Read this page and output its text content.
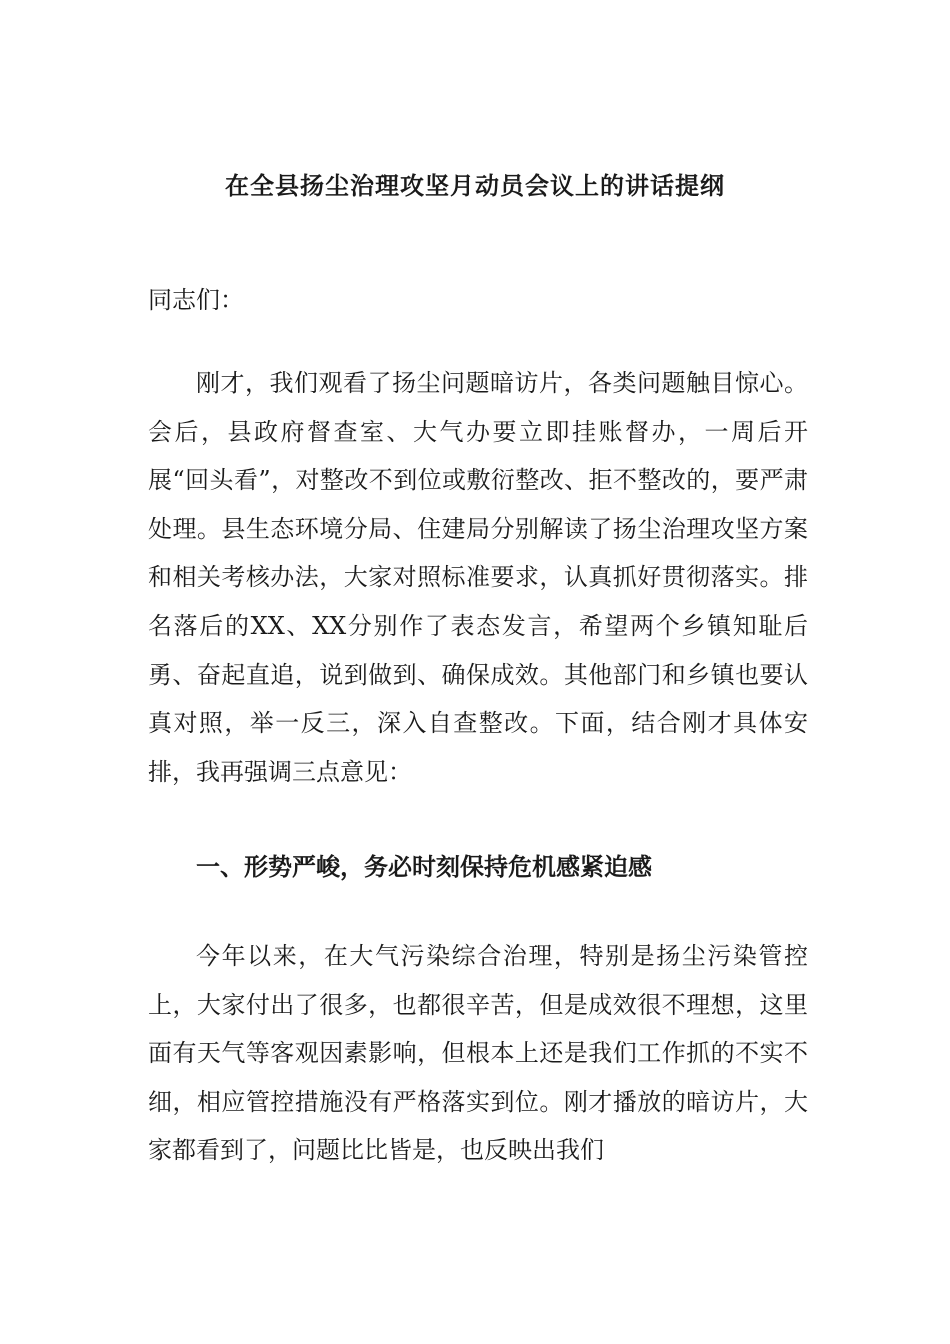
在全县扬尘治理攻坚月动员会议上的讲话提纲

同志们：

刚才，我们观看了扬尘问题暗访片，各类问题触目惊心。会后，县政府督查室、大气办要立即挂账督办，一周后开展“回头看”，对整改不到位或敷衍整改、拒不整改的，要严肃处理。县生态环境分局、住建局分别解读了扬尘治理攻坚方案和相关考核办法，大家对照标准要求，认真抓好贯彻落实。排名落后的XX、XX分别作了表态发言，希望两个乡镇知耻后勇、奋起直追，说到做到、确保成效。其他部门和乡镇也要认真对照，举一反三，深入自查整改。下面，结合刚才具体安排，我再强调三点意见：

一、形势严峻，务必时刻保持危机感紧迫感

今年以来，在大气污染综合治理，特别是扬尘污染管控上，大家付出了很多，也都很辛苦，但是成效很不理想，这里面有天气等客观因素影响，但根本上还是我们工作抓的不实不细，相应管控措施没有严格落实到位。刚才播放的暗访片，大家都看到了，问题比比皆是，也反映出我们
